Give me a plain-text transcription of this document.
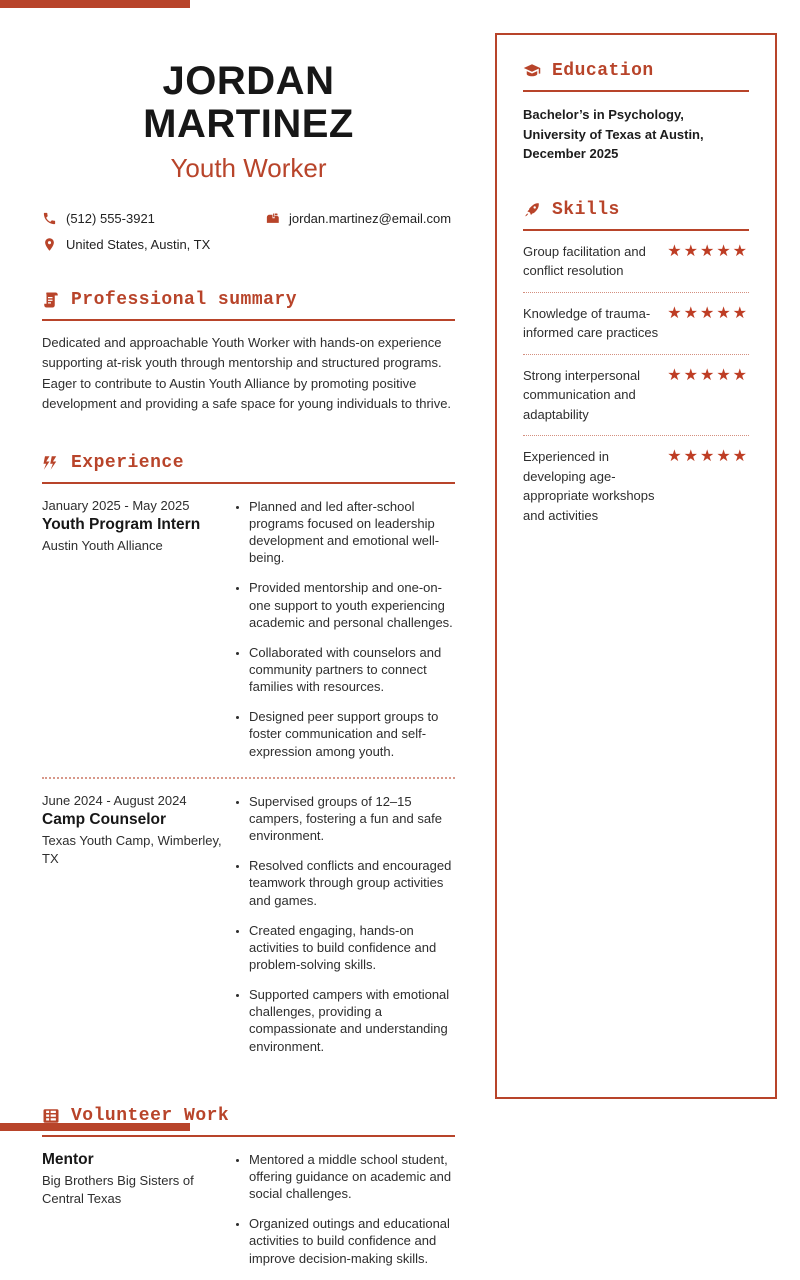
JORDAN
MARTINEZ
Youth Worker
(512) 555-3921	jordan.martinez@email.com
United States, Austin, TX
Professional summary

Dedicated and approachable Youth Worker with hands-on experience supporting at-risk youth through mentorship and structured programs. Eager to contribute to Austin Youth Alliance by promoting positive development and providing a safe space for young individuals to thrive.

Experience
January 2025 - May 2025
Youth Program Intern
Austin Youth Alliance
• Planned and led after-school programs focused on leadership development and emotional well-being.
• Provided mentorship and one-on-one support to youth experiencing academic and personal challenges.
• Collaborated with counselors and community partners to connect families with resources.
• Designed peer support groups to foster communication and self-expression among youth.
June 2024 - August 2024
Camp Counselor
Texas Youth Camp, Wimberley, TX
• Supervised groups of 12–15 campers, fostering a fun and safe environment.
• Resolved conflicts and encouraged teamwork through group activities and games.
• Created engaging, hands-on activities to build confidence and problem-solving skills.
• Supported campers with emotional challenges, providing a compassionate and understanding environment.
Volunteer Work
Mentor
Big Brothers Big Sisters of Central Texas
• Mentored a middle school student, offering guidance on academic and social challenges.
• Organized outings and educational activities to build confidence and improve decision-making skills.
Education
Bachelor’s in Psychology, University of Texas at Austin, December 2025
Skills
Group facilitation and conflict resolution
★★★★★
Knowledge of trauma-informed care practices
★★★★★
Strong interpersonal communication and adaptability
★★★★★
Experienced in developing age-appropriate workshops and activities
★★★★★
